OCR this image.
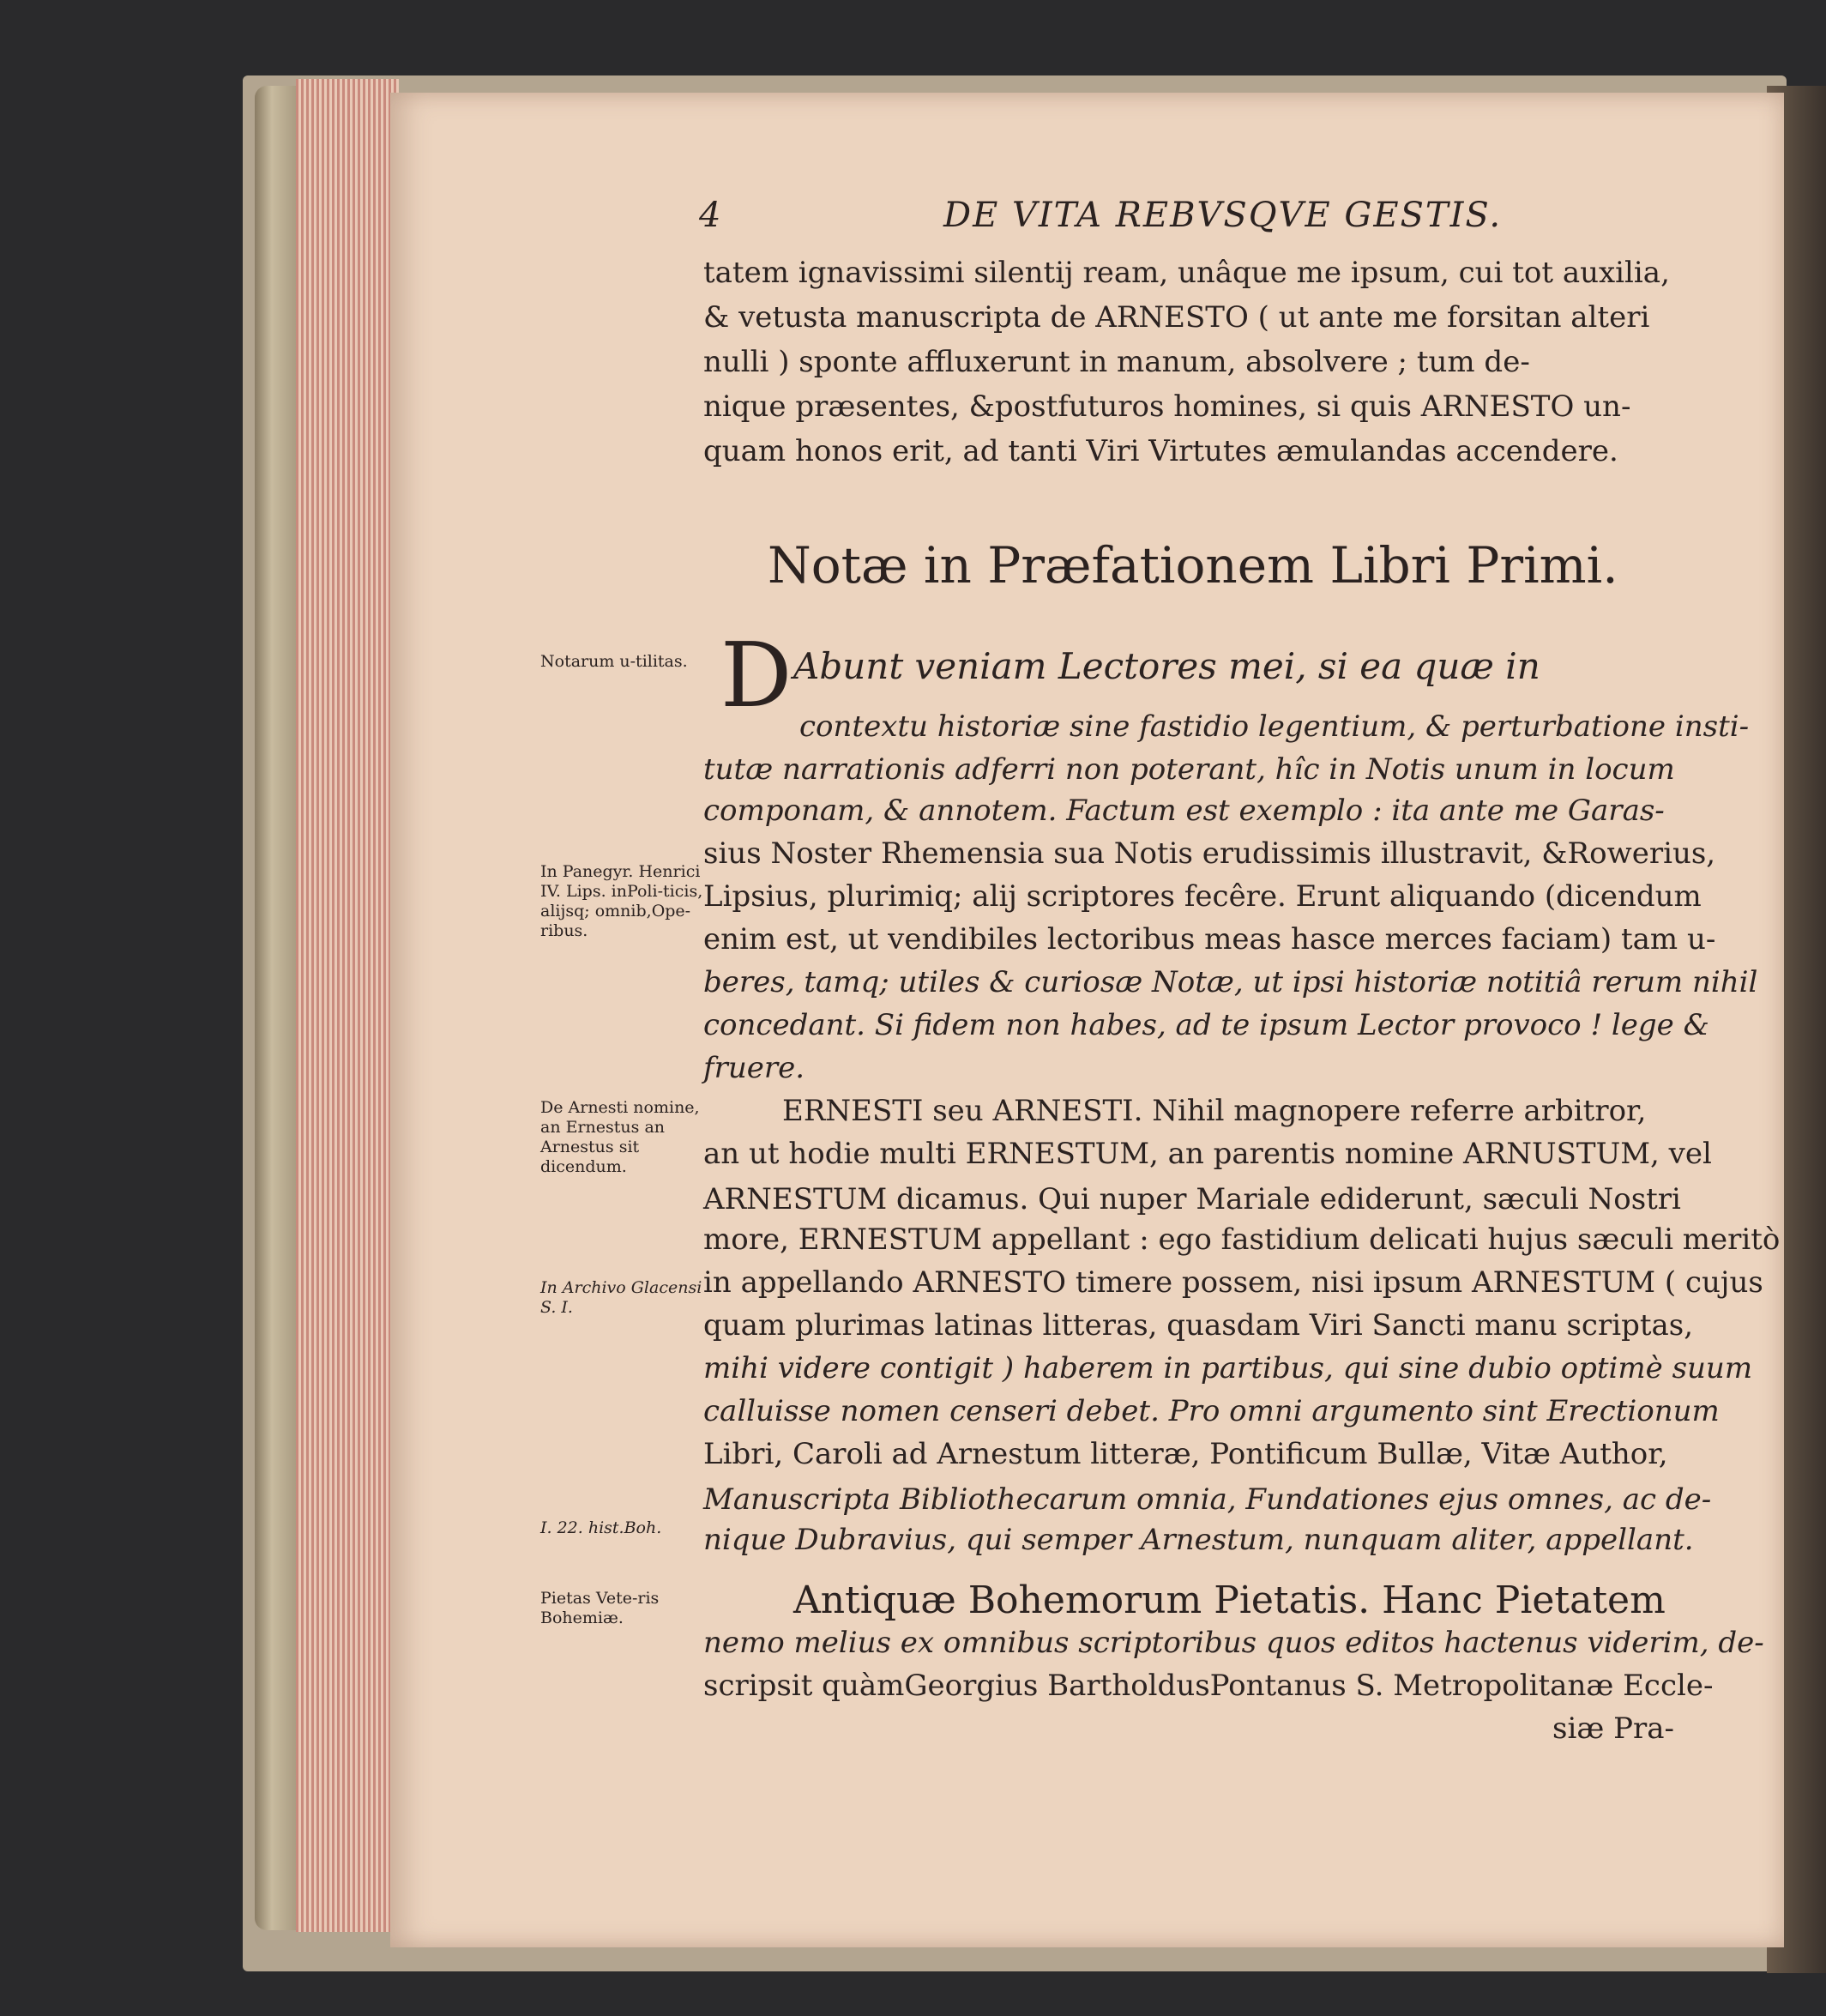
4	DE VITA REBVSQVE GESTIS.
tatem ignavissimi silentij ream, unâque me ipsum, cui tot auxilia,
& vetusta manuscripta de ARNESTO ( ut ante me forsitan alteri
nulli ) sponte affluxerunt in manum, absolvere ; tum de-
nique præsentes, &postfuturos homines, si quis ARNESTO un-
quam honos erit, ad tanti Viri Virtutes æmulandas accendere.
Notæ in Præfationem Libri Primi.
D Abunt veniam Lectores mei, si ea quæ in
contextu historiæ sine fastidio legentium, & perturbatione insti-
tutæ narrationis adferri non poterant, hîc in Notis unum in locum
componam, & annotem. Factum est exemplo : ita ante me Garas-
sius Noster Rhemensia sua Notis erudissimis illustravit, &Rowerius,
Lipsius, plurimiq; alij scriptores fecêre. Erunt aliquando (dicendum
enim est, ut vendibiles lectoribus meas hasce merces faciam) tam u-
beres, tamq; utiles & curiosæ Notæ, ut ipsi historiæ notitiâ rerum nihil
concedant. Si fidem non habes, ad te ipsum Lector provoco ! lege &
fruere.
ERNESTI seu ARNESTI. Nihil magnopere referre arbitror,
an ut hodie multi ERNESTUM, an parentis nomine ARNUSTUM, vel
ARNESTUM dicamus. Qui nuper Mariale ediderunt, sæculi Nostri
more, ERNESTUM appellant : ego fastidium delicati hujus sæculi meritò
in appellando ARNESTO timere possem, nisi ipsum ARNESTUM ( cujus
quam plurimas latinas litteras, quasdam Viri Sancti manu scriptas,
mihi videre contigit ) haberem in partibus, qui sine dubio optimè suum
calluisse nomen censeri debet. Pro omni argumento sint Erectionum
Libri, Caroli ad Arnestum litteræ, Pontificum Bullæ, Vitæ Author,
Manuscripta Bibliothecarum omnia, Fundationes ejus omnes, ac de-
nique Dubravius, qui semper Arnestum, nunquam aliter, appellant.
Antiquæ Bohemorum Pietatis. Hanc Pietatem
nemo melius ex omnibus scriptoribus quos editos hactenus viderim, de-
scripsit quàmGeorgius BartholdusPontanus S. Metropolitanæ Eccle-
siæ Pra-
Notarum u-tilitas.
In Panegyr. Henrici IV. Lips. inPoli-ticis, alijsq; omnib,Ope-ribus.
De Arnesti nomine, an Ernestus an Arnestus sit dicendum.
In Archivo Glacensi S. I.
I. 22. hist.Boh.
Pietas Vete-ris Bohemiæ.
